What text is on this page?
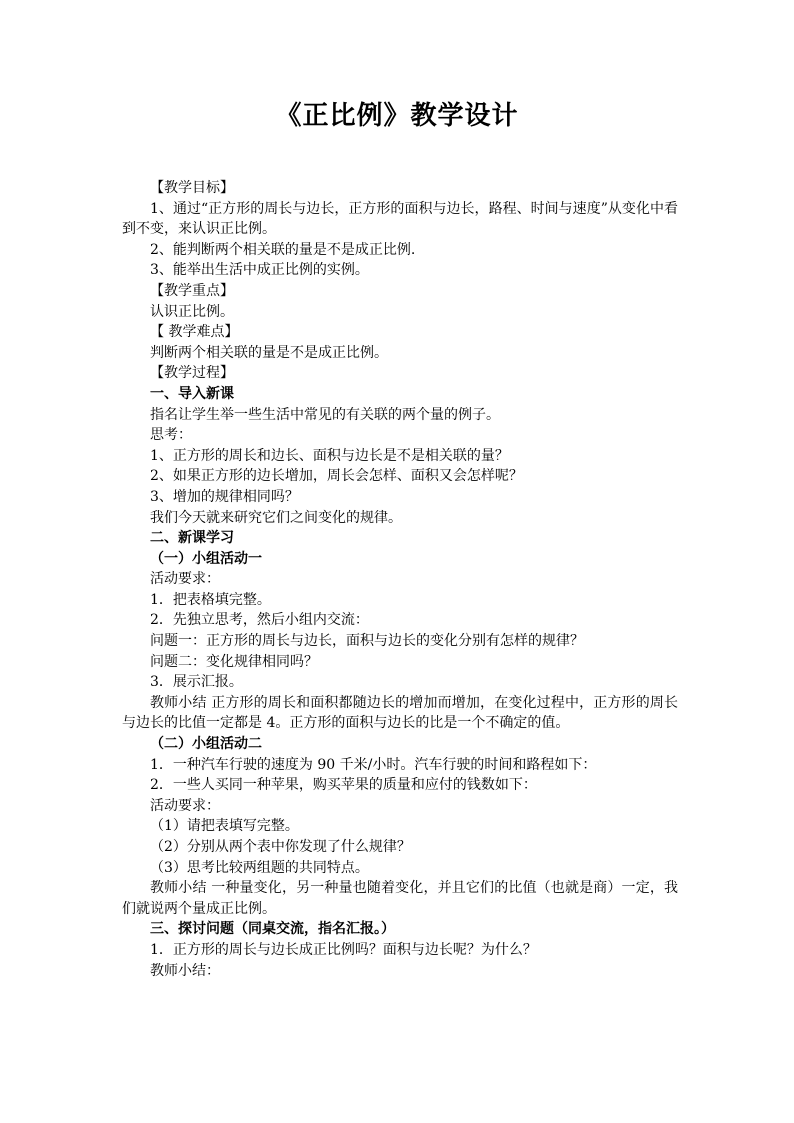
《正比例》教学设计

【教学目标】

1、通过“正方形的周长与边长，正方形的面积与边长，路程、时间与速度”从变化中看到不变，来认识正比例。

2、能判断两个相关联的量是不是成正比例.

3、能举出生活中成正比例的实例。

【教学重点】

认识正比例。

【 教学难点】

判断两个相关联的量是不是成正比例。

【教学过程】

一、导入新课

指名让学生举一些生活中常见的有关联的两个量的例子。

思考：

1、正方形的周长和边长、面积与边长是不是相关联的量？

2、如果正方形的边长增加，周长会怎样、面积又会怎样呢？

3、增加的规律相同吗？

我们今天就来研究它们之间变化的规律。

二、新课学习

（一）小组活动一

活动要求：

1．把表格填完整。

2．先独立思考，然后小组内交流：

问题一：正方形的周长与边长，面积与边长的变化分别有怎样的规律？

问题二：变化规律相同吗？

3．展示汇报。

教师小结 正方形的周长和面积都随边长的增加而增加，在变化过程中，正方形的周长与边长的比值一定都是 4。正方形的面积与边长的比是一个不确定的值。

（二）小组活动二

1．一种汽车行驶的速度为 90 千米/小时。汽车行驶的时间和路程如下：

2．一些人买同一种苹果，购买苹果的质量和应付的钱数如下：

活动要求：

（1）请把表填写完整。

（2）分别从两个表中你发现了什么规律？

（3）思考比较两组题的共同特点。

教师小结 一种量变化，另一种量也随着变化，并且它们的比值（也就是商）一定，我们就说两个量成正比例。

三、探讨问题（同桌交流，指名汇报。）

1．正方形的周长与边长成正比例吗？面积与边长呢？为什么？

教师小结：
